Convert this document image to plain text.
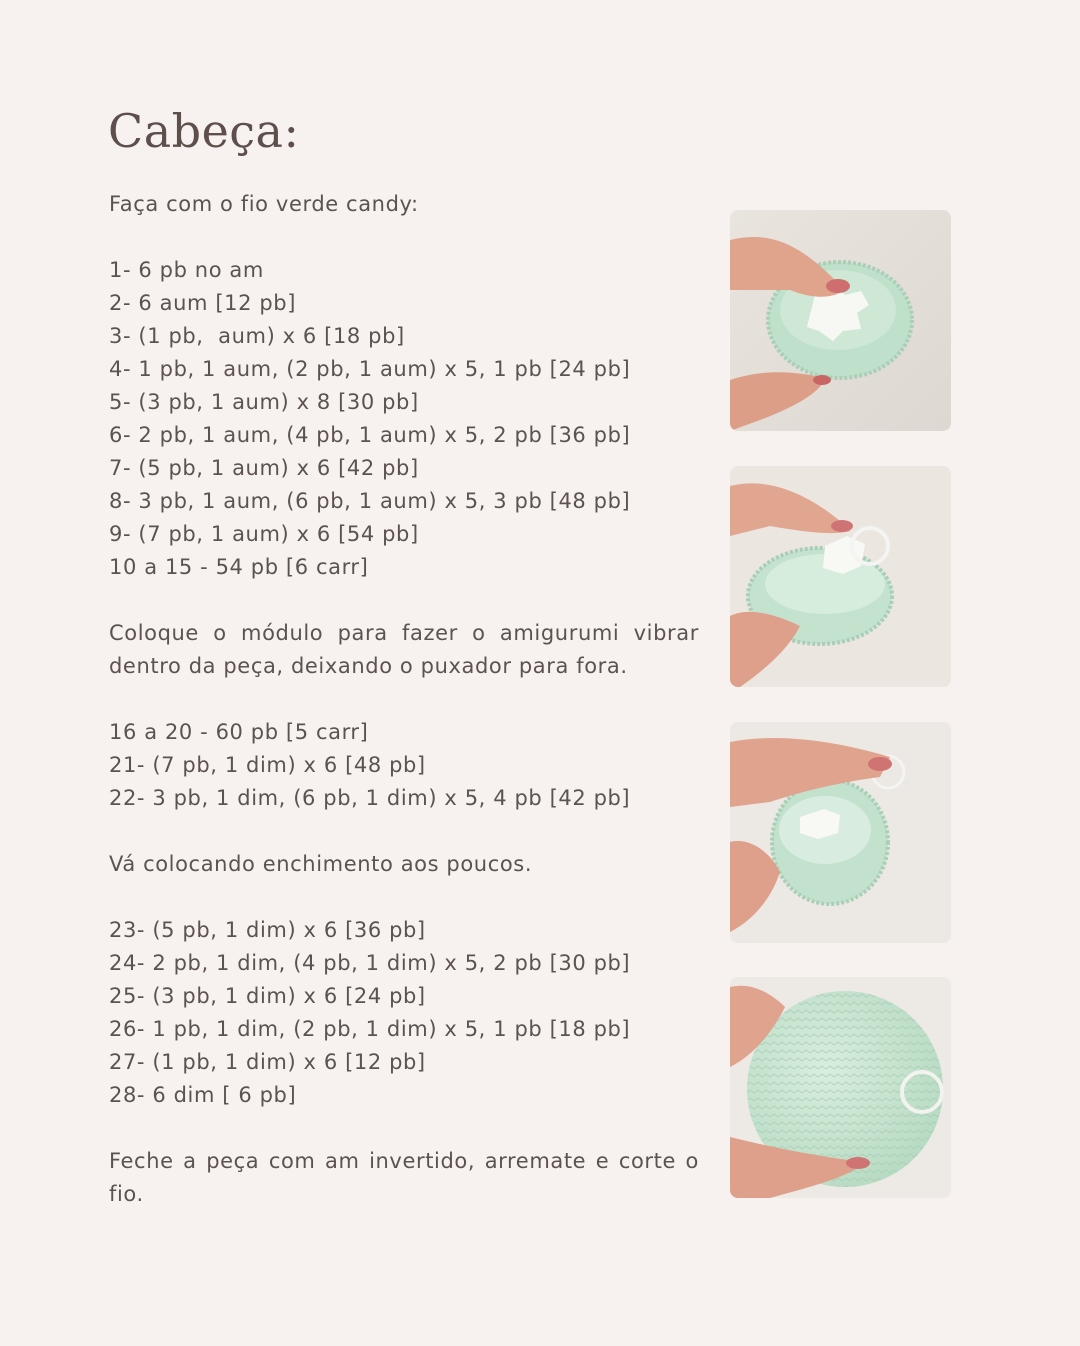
Cabeça:
Faça com o fio verde candy:
1- 6 pb no am
2- 6 aum [12 pb]
3- (1 pb,  aum) x 6 [18 pb]
4- 1 pb, 1 aum, (2 pb, 1 aum) x 5, 1 pb [24 pb]
5- (3 pb, 1 aum) x 8 [30 pb]
6- 2 pb, 1 aum, (4 pb, 1 aum) x 5, 2 pb [36 pb]
7- (5 pb, 1 aum) x 6 [42 pb]
8- 3 pb, 1 aum, (6 pb, 1 aum) x 5, 3 pb [48 pb]
9- (7 pb, 1 aum) x 6 [54 pb]
10 a 15 - 54 pb [6 carr]
Coloque o módulo para fazer o amigurumi vibrar dentro da peça, deixando o puxador para fora.
16 a 20 - 60 pb [5 carr]
21- (7 pb, 1 dim) x 6 [48 pb]
22- 3 pb, 1 dim, (6 pb, 1 dim) x 5, 4 pb [42 pb]
Vá colocando enchimento aos poucos.
23- (5 pb, 1 dim) x 6 [36 pb]
24- 2 pb, 1 dim, (4 pb, 1 dim) x 5, 2 pb [30 pb]
25- (3 pb, 1 dim) x 6 [24 pb]
26- 1 pb, 1 dim, (2 pb, 1 dim) x 5, 1 pb [18 pb]
27- (1 pb, 1 dim) x 6 [12 pb]
28- 6 dim [ 6 pb]
Feche a peça com am invertido, arremate e corte o fio.
